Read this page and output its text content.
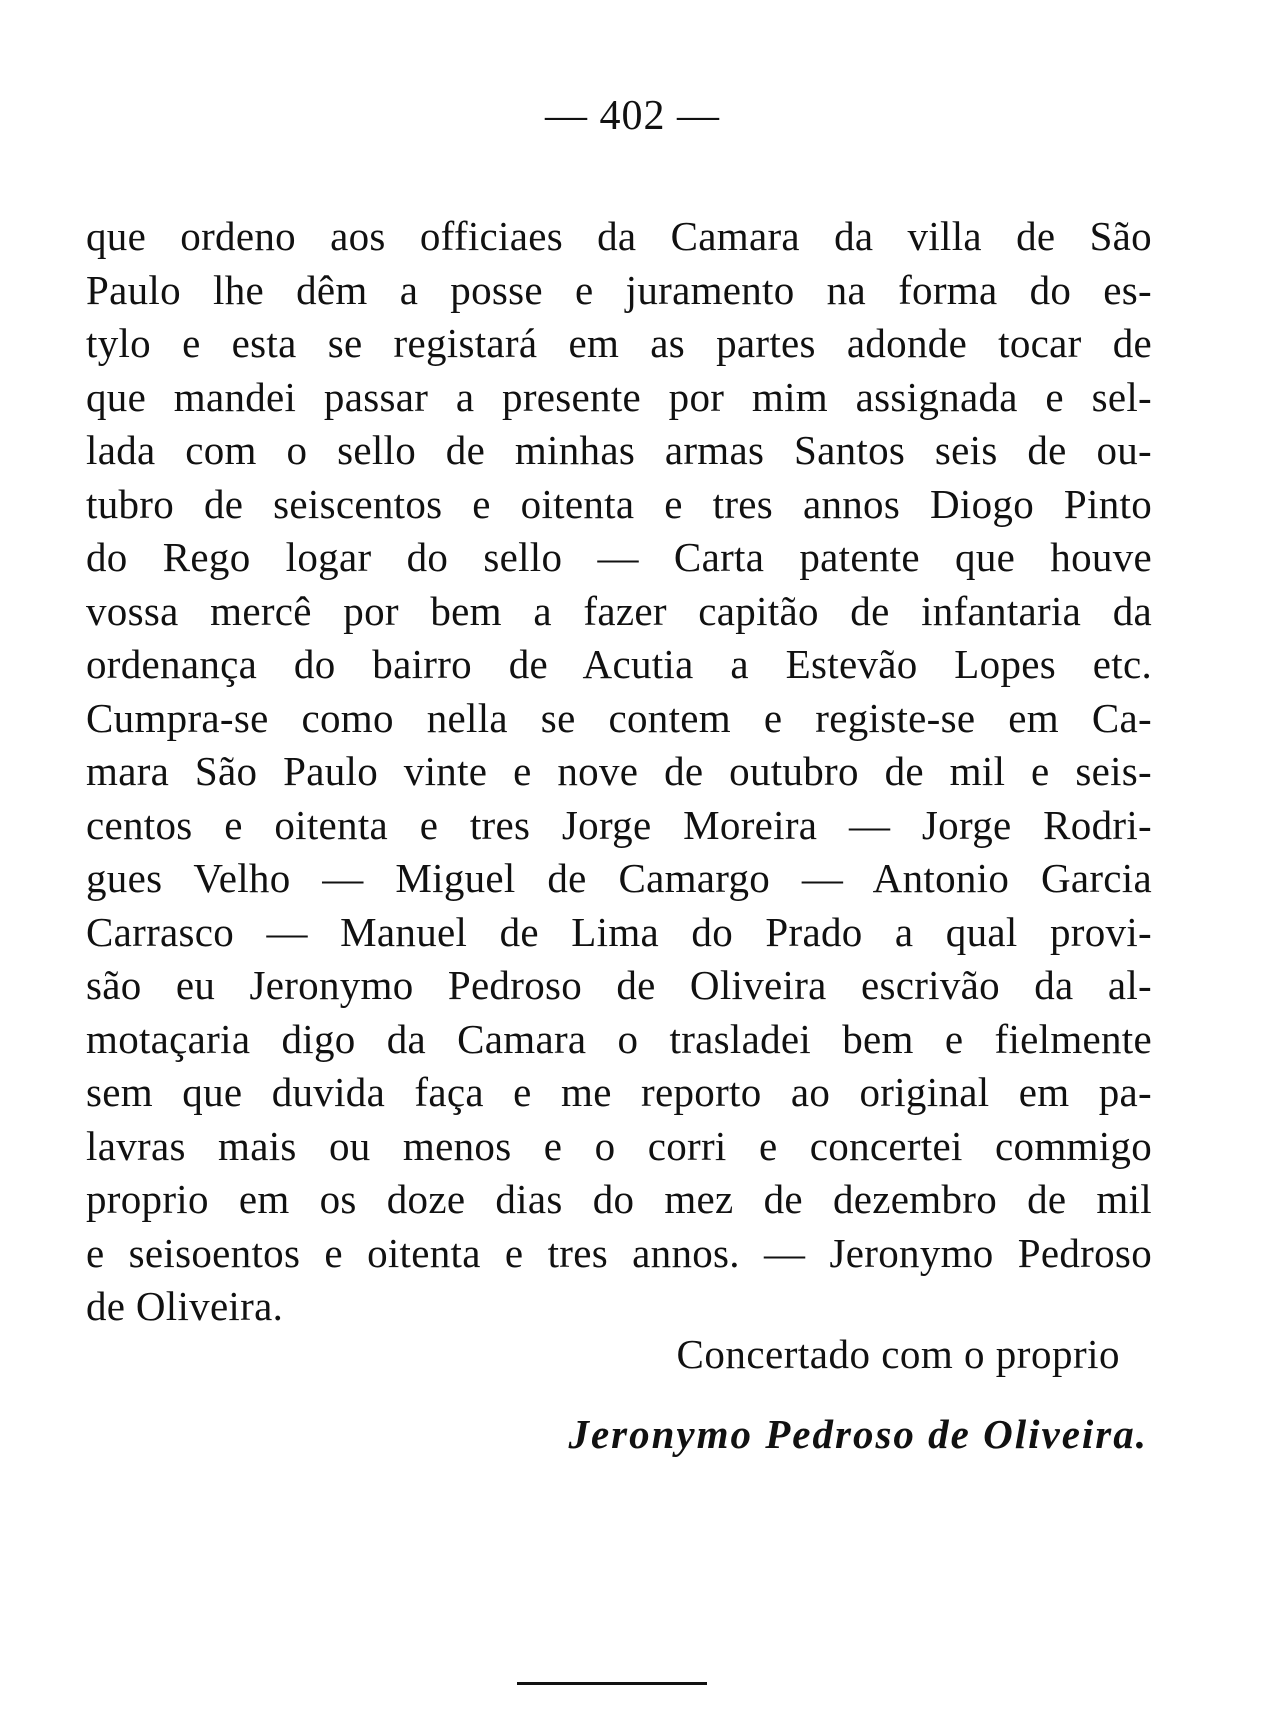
— 402 —
que ordeno aos officiaes da Camara da villa de São
Paulo lhe dêm a posse e juramento na forma do es-
tylo e esta se registará em as partes adonde tocar de
que mandei passar a presente por mim assignada e sel-
lada com o sello de minhas armas Santos seis de ou-
tubro de seiscentos e oitenta e tres annos Diogo Pinto
do Rego logar do sello — Carta patente que houve
vossa mercê por bem a fazer capitão de infantaria da
ordenança do bairro de Acutia a Estevão Lopes etc.
Cumpra-se como nella se contem e registe-se em Ca-
mara São Paulo vinte e nove de outubro de mil e seis-
centos e oitenta e tres Jorge Moreira — Jorge Rodri-
gues Velho — Miguel de Camargo — Antonio Garcia
Carrasco — Manuel de Lima do Prado a qual provi-
são eu Jeronymo Pedroso de Oliveira escrivão da al-
motaçaria digo da Camara o trasladei bem e fielmente
sem que duvida faça e me reporto ao original em pa-
lavras mais ou menos e o corri e concertei commigo
proprio em os doze dias do mez de dezembro de mil
e seisoentos e oitenta e tres annos. — Jeronymo Pedroso
de Oliveira.
Concertado com o proprio
Jeronymo Pedroso de Oliveira.
